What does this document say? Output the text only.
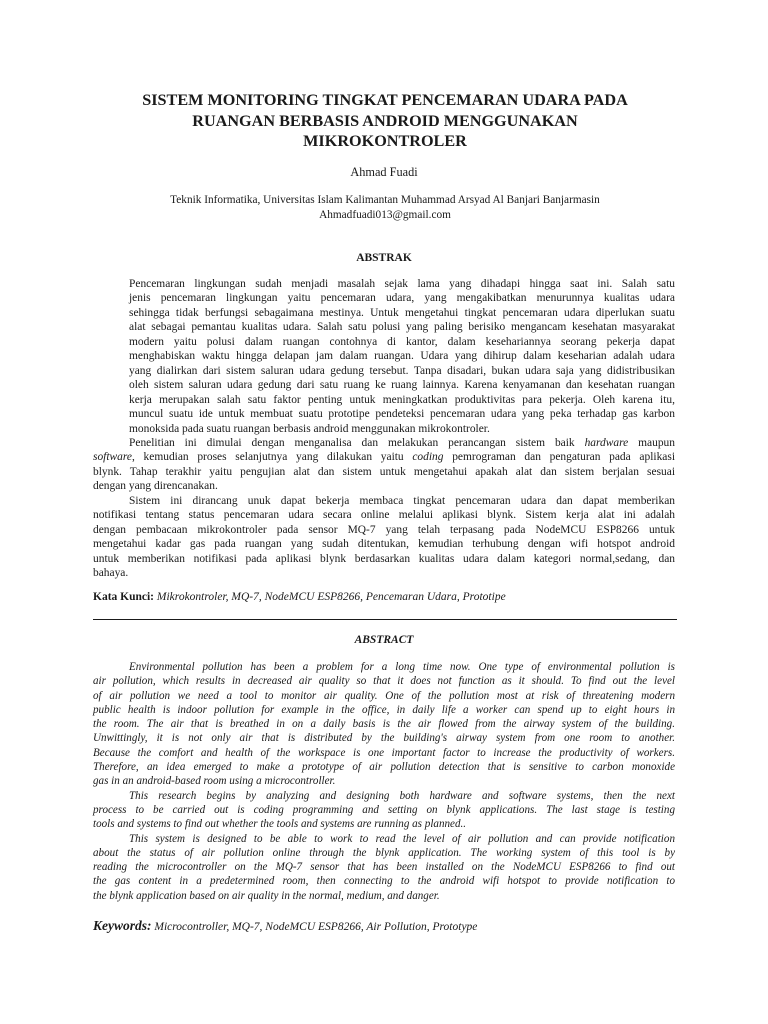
SISTEM MONITORING TINGKAT PENCEMARAN UDARA PADA
RUANGAN BERBASIS ANDROID MENGGUNAKAN
MIKROKONTROLER
Ahmad Fuadi
Teknik Informatika, Universitas Islam Kalimantan Muhammad Arsyad Al Banjari Banjarmasin
Ahmadfuadi013@gmail.com
ABSTRAK

Pencemaran lingkungan sudah menjadi masalah sejak lama yang dihadapi hingga saat ini. Salah satu
jenis pencemaran lingkungan yaitu pencemaran udara, yang mengakibatkan menurunnya kualitas udara
sehingga tidak berfungsi sebagaimana mestinya. Untuk mengetahui tingkat pencemaran udara diperlukan suatu
alat sebagai pemantau kualitas udara. Salah satu polusi yang paling berisiko mengancam kesehatan masyarakat
modern yaitu polusi dalam ruangan contohnya di kantor, dalam kesehariannya seorang pekerja dapat
menghabiskan waktu hingga delapan jam dalam ruangan. Udara yang dihirup dalam keseharian adalah udara
yang dialirkan dari sistem saluran udara gedung tersebut. Tanpa disadari, bukan udara saja yang didistribusikan
oleh sistem saluran udara gedung dari satu ruang ke ruang lainnya. Karena kenyamanan dan kesehatan ruangan
kerja merupakan salah satu faktor penting untuk meningkatkan produktivitas para pekerja. Oleh karena itu,
muncul suatu ide untuk membuat suatu prototipe pendeteksi pencemaran udara yang peka terhadap gas karbon
monoksida pada suatu ruangan berbasis android menggunakan mikrokontroler.

Penelitian ini dimulai dengan menganalisa dan melakukan perancangan sistem baik hardware maupun
software, kemudian proses selanjutnya yang dilakukan yaitu coding pemrograman dan pengaturan pada aplikasi
blynk. Tahap terakhir yaitu pengujian alat dan sistem untuk mengetahui apakah alat dan sistem berjalan sesuai
dengan yang direncanakan.

Sistem ini dirancang unuk dapat bekerja membaca tingkat pencemaran udara dan dapat memberikan
notifikasi tentang status pencemaran udara secara online melalui aplikasi blynk. Sistem kerja alat ini adalah
dengan pembacaan mikrokontroler pada sensor MQ-7 yang telah terpasang pada NodeMCU ESP8266 untuk
mengetahui kadar gas pada ruangan yang sudah ditentukan, kemudian terhubung dengan wifi hotspot android
untuk memberikan notifikasi pada aplikasi blynk berdasarkan kualitas udara dalam kategori normal,sedang, dan
bahaya.

Kata Kunci: Mikrokontroler, MQ-7, NodeMCU ESP8266, Pencemaran Udara, Prototipe
ABSTRACT

Environmental pollution has been a problem for a long time now. One type of environmental pollution is
air pollution, which results in decreased air quality so that it does not function as it should. To find out the level
of air pollution we need a tool to monitor air quality. One of the pollution most at risk of threatening modern
public health is indoor pollution for example in the office, in daily life a worker can spend up to eight hours in
the room. The air that is breathed in on a daily basis is the air flowed from the airway system of the building.
Unwittingly, it is not only air that is distributed by the building's airway system from one room to another.
Because the comfort and health of the workspace is one important factor to increase the productivity of workers.
Therefore, an idea emerged to make a prototype of air pollution detection that is sensitive to carbon monoxide
gas in an android-based room using a microcontroller.

This research begins by analyzing and designing both hardware and software systems, then the next
process to be carried out is coding programming and setting on blynk applications. The last stage is testing
tools and systems to find out whether the tools and systems are running as planned..

This system is designed to be able to work to read the level of air pollution and can provide notification
about the status of air pollution online through the blynk application. The working system of this tool is by
reading the microcontroller on the MQ-7 sensor that has been installed on the NodeMCU ESP8266 to find out
the gas content in a predetermined room, then connecting to the android wifi hotspot to provide notification to
the blynk application based on air quality in the normal, medium, and danger.

Keywords: Microcontroller, MQ-7, NodeMCU ESP8266, Air Pollution, Prototype
